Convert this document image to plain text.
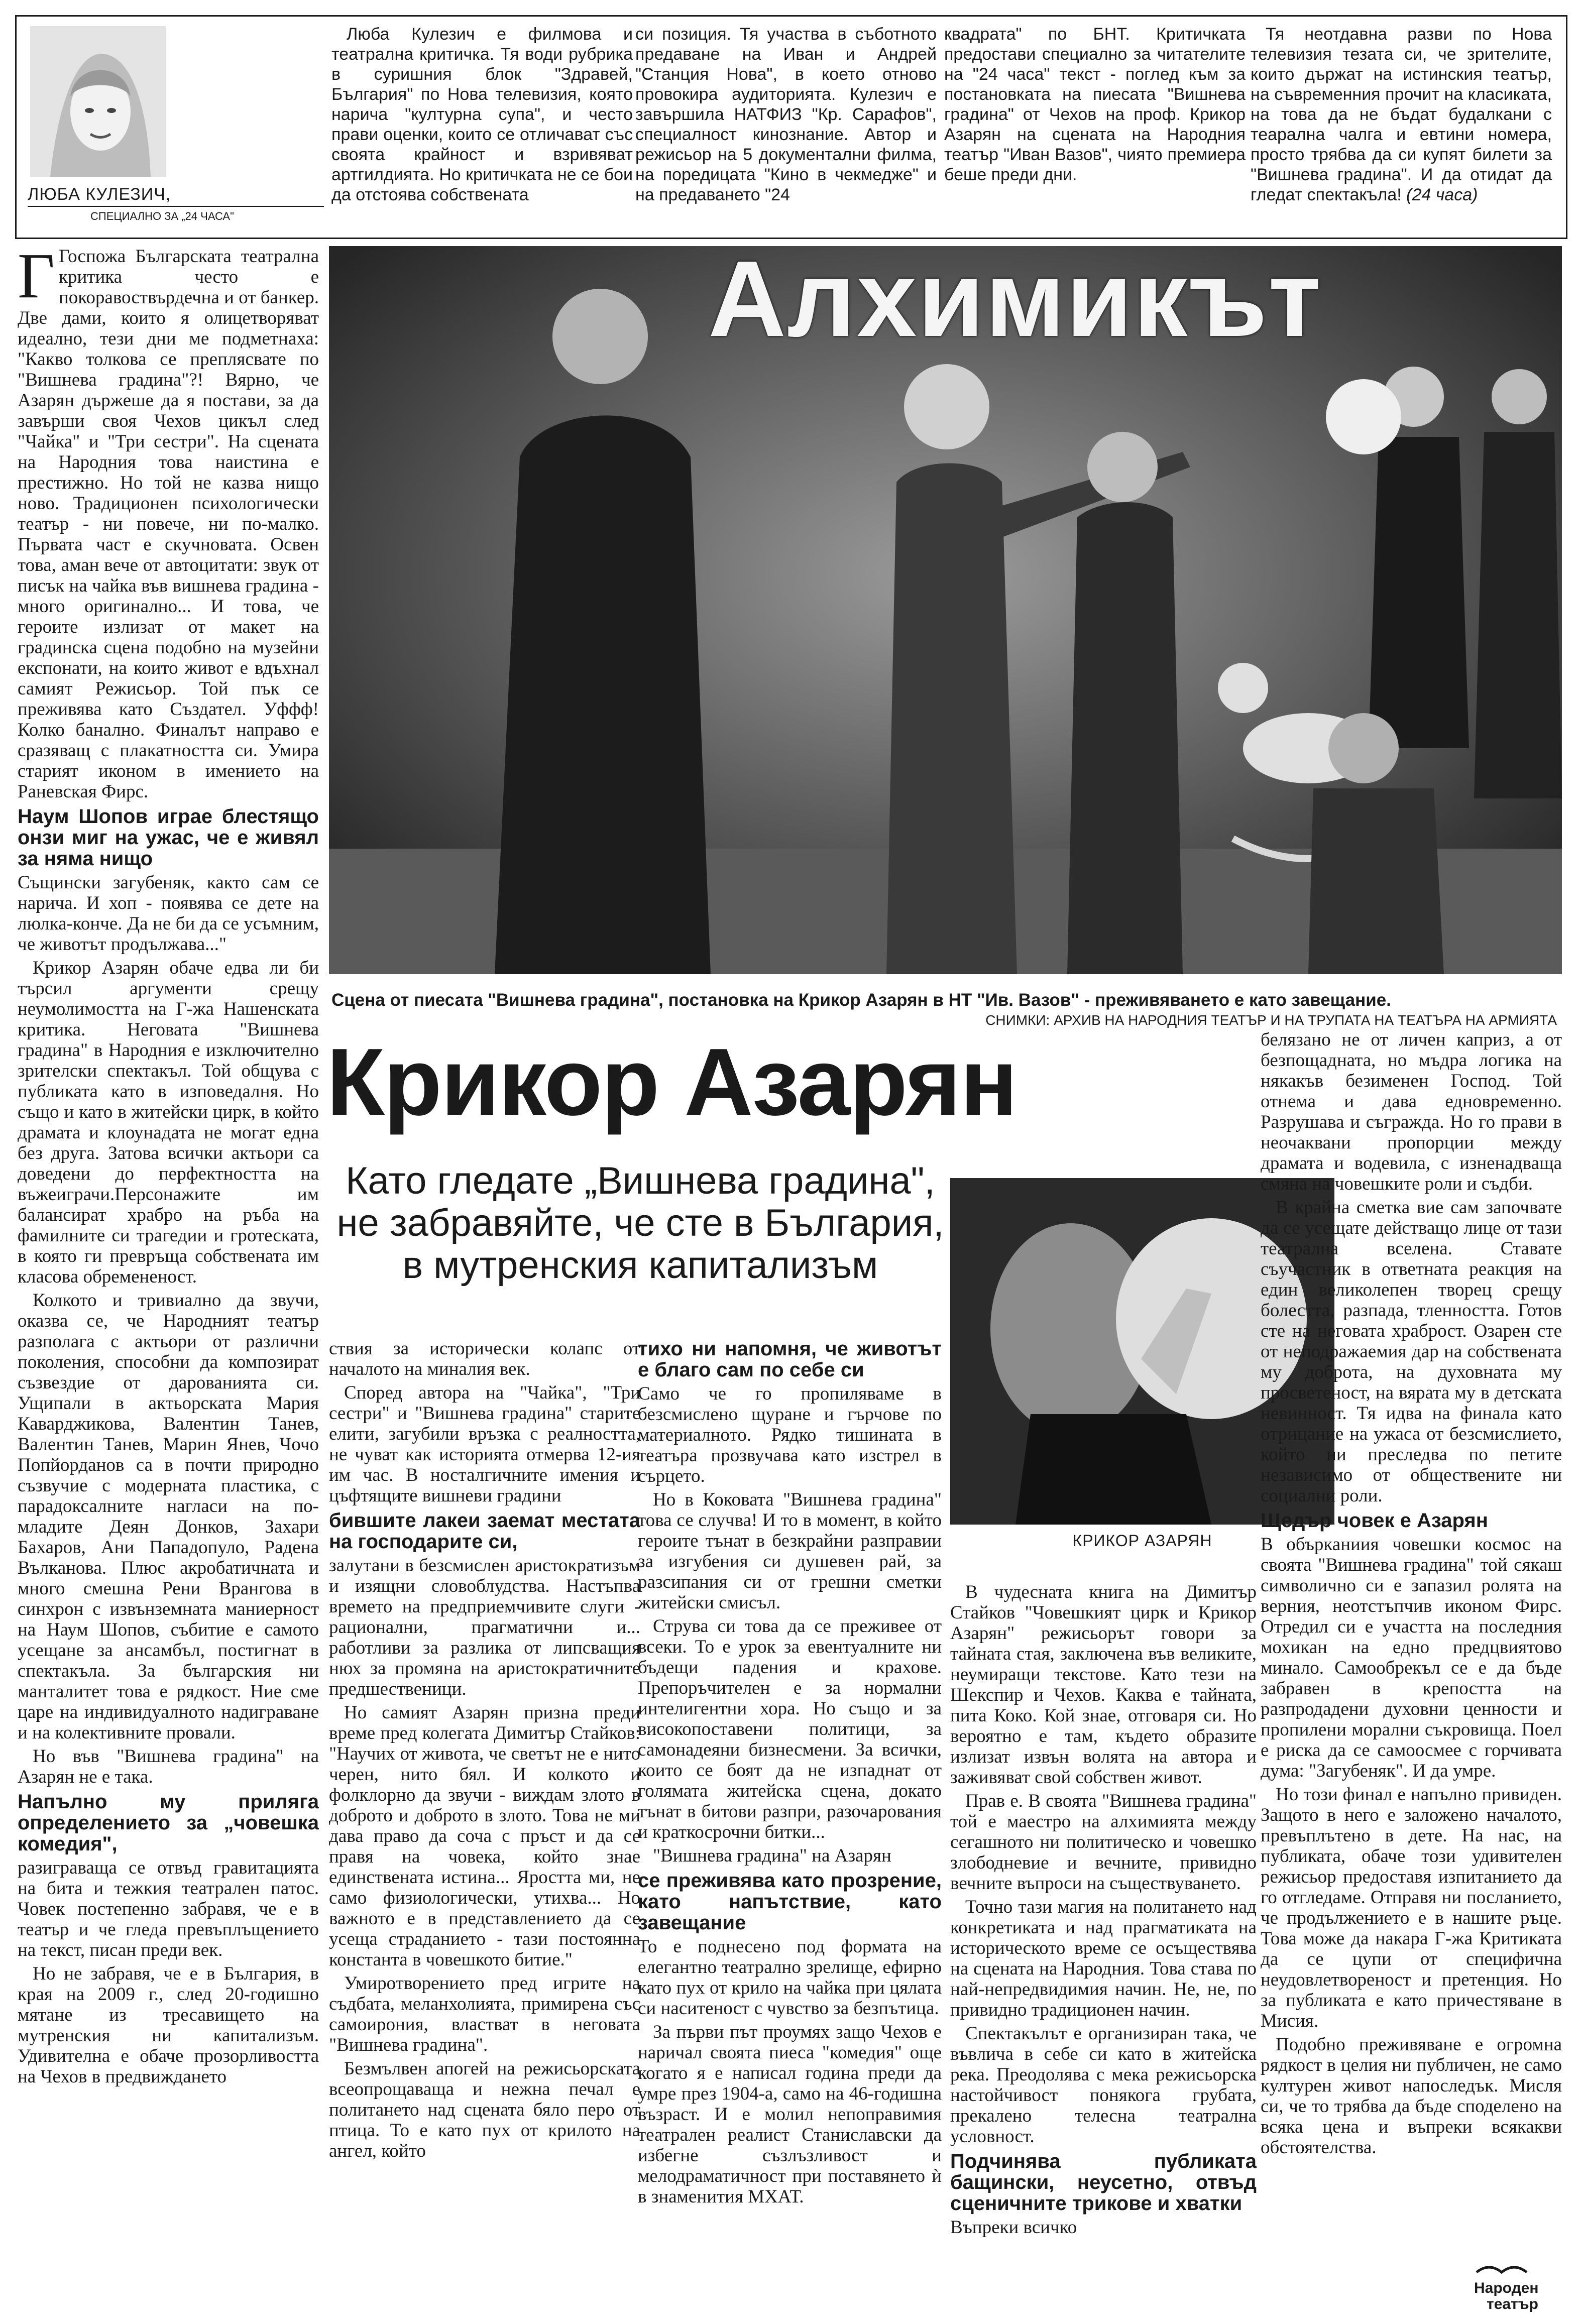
ЛЮБА КУЛЕЗИЧ,
СПЕЦИАЛНО ЗА „24 ЧАСА"
Люба Кулезич е филмова и театрална критичка. Тя води рубрика в суришния блок "Здравей, България" по Нова телевизия, която нарича "културна супа", и често прави оценки, които се отличават със своята крайност и взривяват артгилдията. Но критичката не се бои да отстоява собствената
си позиция. Тя участва в съботното предаване на Иван и Андрей "Станция Нова", в което отново провокира аудиторията. Кулезич е завършила НАТФИЗ "Кр. Сарафов", специалност кинознание. Автор и режисьор на 5 документални филма, на поредицата "Кино в чекмедже" и на предаването "24
квадрата" по БНТ. Критичката предостави специално за читателите на "24 часа" текст - поглед към за постановката на пиесата "Вишнева градина" от Чехов на проф. Крикор Азарян на сцената на Народния театър "Иван Вазов", чиято премиера беше преди дни.
Тя неотдавна разви по Нова телевизия тезата си, че зрителите, които държат на истинския театър, на съвременния прочит на класиката, на това да не бъдат будалкани с теарална чалга и евтини номера, просто трябва да си купят билети за "Вишнева градина". И да отидат да гледат спектакъла! (24 часа)
Алхимикът
Сцена от пиесата "Вишнева градина", постановка на Крикор Азарян в НТ "Ив. Вазов" - преживяването е като завещание.
СНИМКИ: АРХИВ НА НАРОДНИЯ ТЕАТЪР И НА ТРУПАТА НА ТЕАТЪРА НА АРМИЯТА
Крикор Азарян
Като гледате „Вишнева градина", не забравяйте, че сте в България, в мутренския капитализъм
КРИКОР АЗАРЯН

Г Госпожа Българската театрална критика често е покоравоствърдечна и от банкер. Две дами, които я олицетворяват идеално, тези дни ме подметнаха: "Какво толкова се преплясвате по "Вишнева градина"?! Вярно, че Азарян държеше да я постави, за да завърши своя Чехов цикъл след "Чайка" и "Три сестри". На сцената на Народния това наистина е престижно. Но той не казва нищо ново. Традиционен психологически театър - ни повече, ни по-малко. Първата част е скучновата. Освен това, аман вече от автоцитати: звук от писък на чайка във вишнева градина - много оригинално... И това, че героите излизат от макет на градинска сцена подобно на музейни експонати, на които живот е вдъхнал самият Режисьор. Той пък се преживява като Създател. Уффф! Колко банално. Финалът направо е сразяващ с плакатността си. Умира старият иконом в имението на Раневская Фирс.

Наум Шопов играе блестящо онзи миг на ужас, че е живял за няма нищо

Същински загубеняк, както сам се нарича. И хоп - появява се дете на люлка-конче. Да не би да се усъмним, че животът продължава..."

Крикор Азарян обаче едва ли би търсил аргументи срещу неумолимостта на Г-жа Нашенската критика. Неговата "Вишнева градина" в Народния е изключително зрителски спектакъл. Той общува с публиката като в изповедалня. Но също и като в житейски цирк, в който драмата и клоунадата не могат една без друга. Затова всички актьори са доведени до перфектността на въжеиграчи.Персонажите им балансират храбро на ръба на фамилните си трагедии и гротеската, в която ги превръща собствената им класова обремененост.

Колкото и тривиално да звучи, оказва се, че Народният театър разполага с актьори от различни поколения, способни да композират съзвездие от дарованията си. Ущипали в актьорската Мария Каварджикова, Валентин Танев, Валентин Танев, Марин Янев, Чочо Попйорданов са в почти природно съзвучие с модерната пластика, с парадоксалните нагласи на по-младите Деян Донков, Захари Бахаров, Ани Пападопуло, Радена Вълканова. Плюс акробатичната и много смешна Рени Врангова в синхрон с извънземната маниерност на Наум Шопов, събитие е самото усещане за ансамбъл, постигнат в спектакъла. За българския ни манталитет това е рядкост. Ние сме царе на индивидуалното надиграване и на колективните провали.

Но във "Вишнева градина" на Азарян не е така.

Напълно му прилягa определението за „човешка комедия",

разиграваща се отвъд гравитацията на бита и тежкия театрален патос. Човек постепенно забравя, че е в театър и че гледа превъплъщението на текст, писан преди век.

Но не забравя, че е в България, в края на 2009 г., след 20-годишно мятане из тресавището на мутренския ни капитализъм. Удивителна е обаче прозорливостта на Чехов в предвиждането

ствия за исторически колапс от началото на миналия век.

Според автора на "Чайка", "Три сестри" и "Вишнева градина" старите елити, загубили връзка с реалността, не чуват как историята отмерва 12-ия им час. В носталгичните имения и цъфтящите вишневи градини

бившите лакеи заемат местата на господарите си,

залутани в безсмислен аристократизъм и изящни словоблудства. Настъпва времето на предприемчивите слуги - рационални, прагматични и... работливи за разлика от липсващия нюх за промяна на аристократичните предшественици.

Но самият Азарян призна преди време пред колегата Димитър Стайков: "Научих от живота, че светът не е нито черен, нито бял. И колкото и фолклорно да звучи - виждам злото в доброто и доброто в злото. Това не ми дава право да соча с пръст и да се правя на човека, който знае единствената истина... Яростта ми, не само физиологически, утихва... Но важното е в представлението да се усеща страданието - тази постоянна константа в човешкото битие."

Умиротворението пред игрите на съдбата, меланхолията, примирена със самоирония, властват в неговата "Вишнева градина".

Безмълвен апогей на режисьорската всеопрощаваща и нежна печал е политането над сцената бяло перо от птица. То е като пух от крилото на ангел, който

тихо ни напомня, че животът е благо сам по себе си

Само че го пропиляваме в безсмислено щуране и гърчове по материалното. Рядко тишината в театъра прозвучава като изстрел в сърцето.

Но в Коковата "Вишнева градина" това се случва! И то в момент, в който героите тънат в безкрайни разправии за изгубения си душевен рай, за разсипания си от грешни сметки житейски смисъл.

Струва си това да се преживее от всеки. То е урок за евентуалните ни бъдещи падения и крахове. Препоръчителен е за нормални интелигентни хора. Но също и за високопоставени политици, за самонадеяни бизнесмени. За всички, които се боят да не изпаднат от голямата житейска сцена, докато тънат в битови разпри, разочарования и краткосрочни битки...

"Вишнева градина" на Азарян

се преживява като прозрение, като напътствие, като завещание

То е поднесено под формата на елегантно театрално зрелище, ефирно като пух от крило на чайка при цялата си наситеност с чувство за безпътица.

За първи път проумях защо Чехов е наричал своята пиеса "комедия" още когато я е написал година преди да умре през 1904-а, само на 46-годишна възраст. И е молил непоправимия театрален реалист Станиславски да избегне съзлъзливост и мелодраматичност при поставянето ѝ в знаменития МХАТ.

В чудесната книга на Димитър Стайков "Човешкият цирк и Крикор Азарян" режисьорът говори за тайната стая, заключена във великите, неумиращи текстове. Като тези на Шекспир и Чехов. Каква е тайната, пита Коко. Кой знае, отговаря си. Но вероятно е там, където образите излизат извън волята на автора и заживяват свой собствен живот.

Прав е. В своята "Вишнева градина" той е маестро на алхимията между сегашното ни политическо и човешко злободневие и вечните, привидно вечните въпроси на съществуването.

Точно тази магия на политането над конкретиката и над прагматиката на историческото време се осъществява на сцената на Народния. Това става по най-непредвидимия начин. Не, не, по привидно традиционен начин.

Спектакълът е организиран така, че въвлича в себе си като в житейска река. Преодолява с мека режисьорска настойчивост понякога грубата, прекалено телесна театрална условност.

Подчинява публиката бащински, неусетно, отвъд сценичните трикове и хватки

Въпреки всичко

белязано не от личен каприз, а от безпощадната, но мъдра логика на някакъв безименен Господ. Той отнема и дава едновременно. Разрушава и съгражда. Но го прави в неочаквани пропорции между драмата и водевила, с изненадваща смяна на човешките роли и съдби.

В крайна сметка вие сам започвате да се усещате действащо лице от тази театрална вселена. Ставате съучастник в ответната реакция на един великолепен творец срещу болестта, разпада, тленността. Готов сте на неговата храброст. Озарен сте от неподражаемия дар на собствената му доброта, на духовната му просветеност, на вярата му в детската невинност. Тя идва на финала като отрицание на ужаса от безсмислието, който ни преследва по петите независимо от обществените ни социални роли.

Щедър човек е Азарян

В обърканиия човешки космос на своята "Вишнева градина" той сякаш символично си е запазил ролята на верния, неотстъпчив иконом Фирс. Отредил си е участта на последния мохикан на едно предцвиятово минало. Самообрекъл се е да бъде забравен в крепостта на разпродадени духовни ценности и пропилени морални съкровища. Поел е риска да се самоосмее с горчивата дума: "Загубеняк". И да умре.

Но този финал е напълно привиден. Защото в него е заложено началото, превъплътено в дете. На нас, на публиката, обаче този удивителен режисьор предоставя изпитанието да го отгледаме. Отправя ни посланието, че продължението е в нашите ръце. Това може да накара Г-жа Критиката да се цупи от специфична неудовлетвореност и претенция. Но за публиката е като причестяване в Мисия.

Подобно преживяване е огромна рядкост в целия ни публичен, не само културен живот напоследък. Мисля си, че то трябва да бъде споделено на всяка цена и въпреки всякакви обстоятелства.

Народен
театър
